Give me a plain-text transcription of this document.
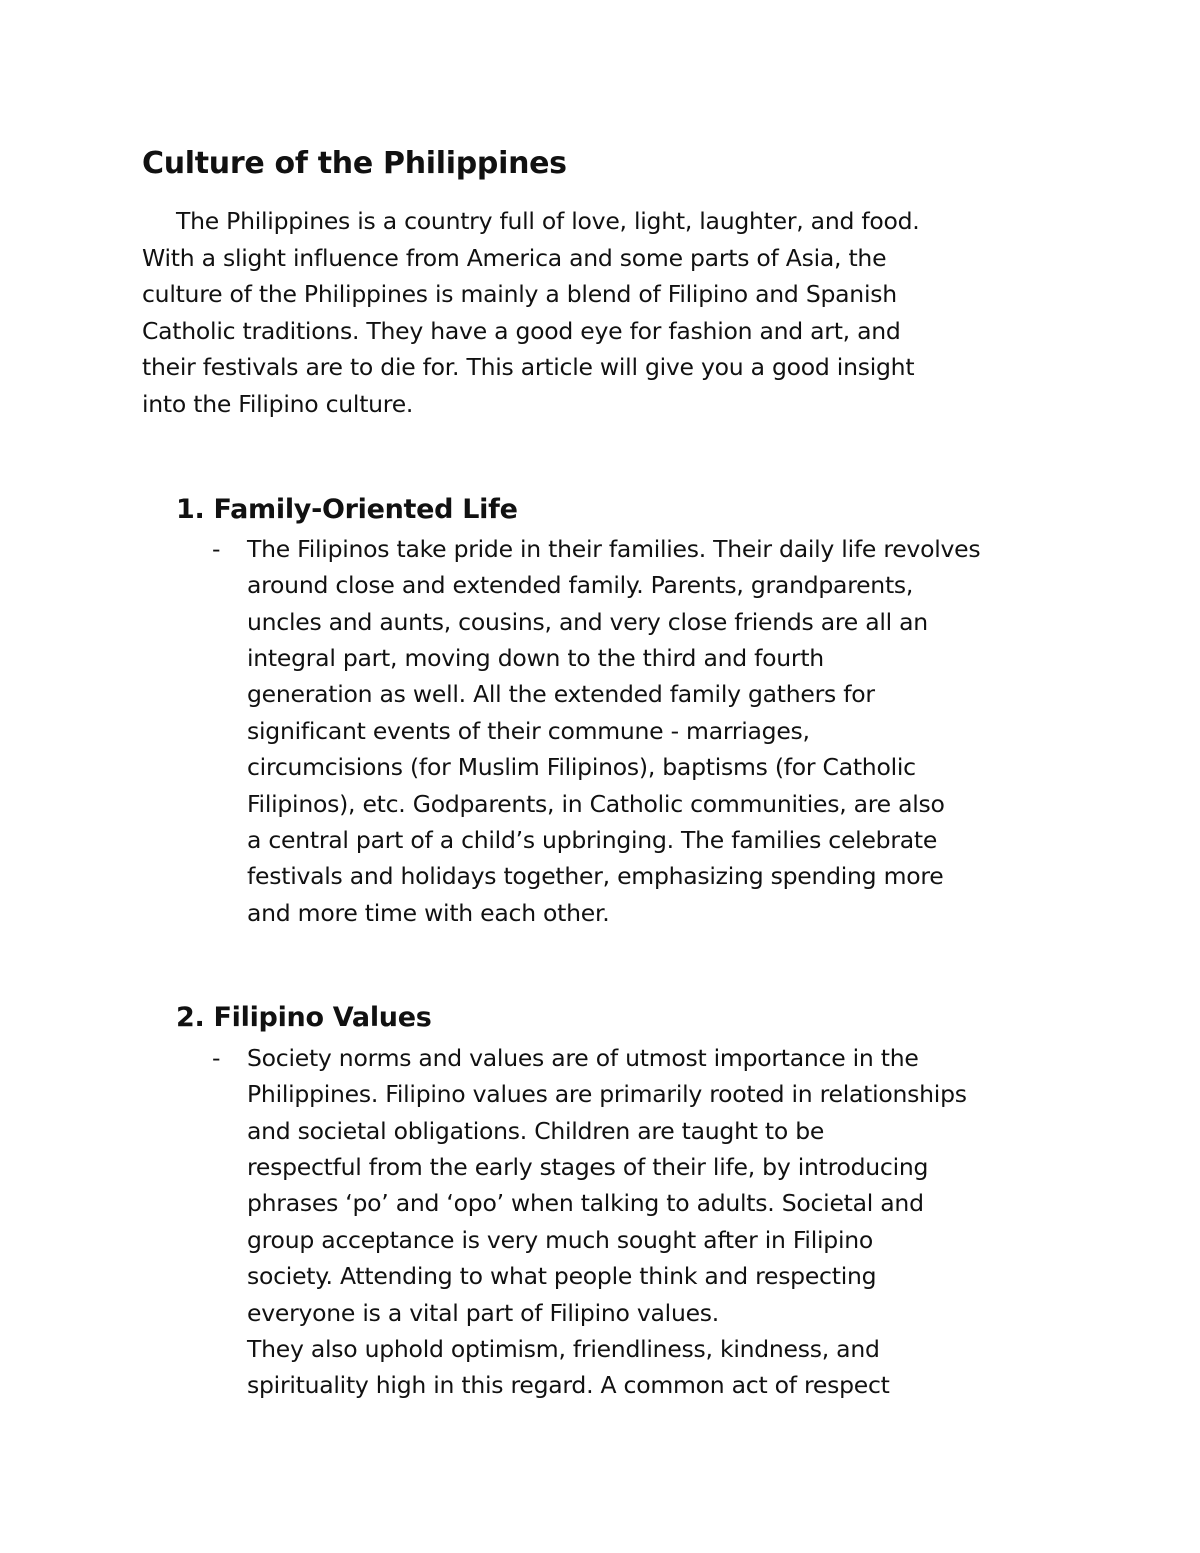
Culture of the Philippines

The Philippines is a country full of love, light, laughter, and food.

With a slight influence from America and some parts of Asia, the

culture of the Philippines is mainly a blend of Filipino and Spanish

Catholic traditions. They have a good eye for fashion and art, and

their festivals are to die for. This article will give you a good insight

into the Filipino culture.

1. Family-Oriented Life
- The Filipinos take pride in their families. Their daily life revolves

around close and extended family. Parents, grandparents,

uncles and aunts, cousins, and very close friends are all an

integral part, moving down to the third and fourth

generation as well. All the extended family gathers for

significant events of their commune - marriages,

circumcisions (for Muslim Filipinos), baptisms (for Catholic

Filipinos), etc. Godparents, in Catholic communities, are also

a central part of a child’s upbringing. The families celebrate

festivals and holidays together, emphasizing spending more

and more time with each other.

2. Filipino Values
- Society norms and values are of utmost importance in the

Philippines. Filipino values are primarily rooted in relationships

and societal obligations. Children are taught to be

respectful from the early stages of their life, by introducing

phrases ‘po’ and ‘opo’ when talking to adults. Societal and

group acceptance is very much sought after in Filipino

society. Attending to what people think and respecting

everyone is a vital part of Filipino values.

They also uphold optimism, friendliness, kindness, and

spirituality high in this regard. A common act of respect
